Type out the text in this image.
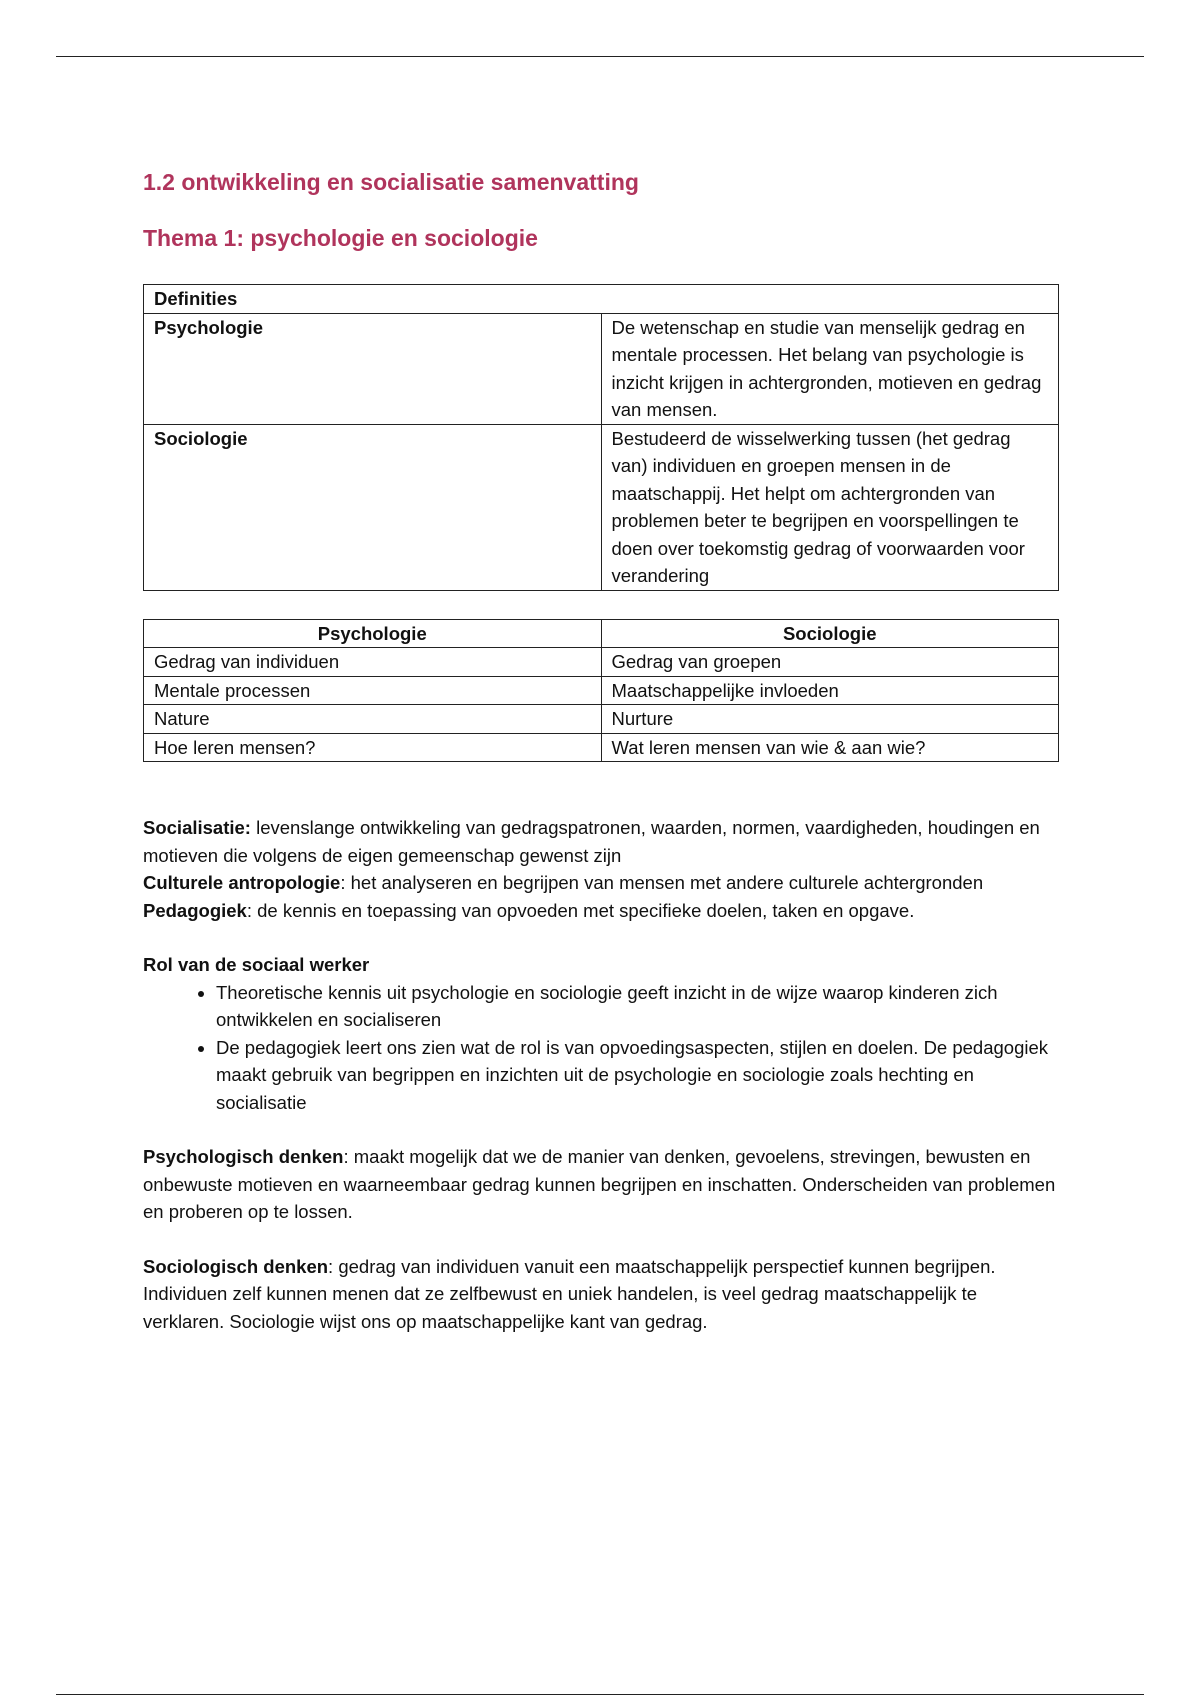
1.2 ontwikkeling en socialisatie samenvatting
Thema 1: psychologie en sociologie
Definities	
Psychologie	De wetenschap en studie van menselijk gedrag en mentale processen. Het belang van psychologie is inzicht krijgen in achtergronden, motieven en gedrag van mensen.
Sociologie	Bestudeerd de wisselwerking tussen (het gedrag van) individuen en groepen mensen in de maatschappij. Het helpt om achtergronden van problemen beter te begrijpen en voorspellingen te doen over toekomstig gedrag of voorwaarden voor verandering
Psychologie	Sociologie
Gedrag van individuen	Gedrag van groepen
Mentale processen	Maatschappelijke invloeden
Nature	Nurture
Hoe leren mensen?	Wat leren mensen van wie & aan wie?

Socialisatie: levenslange ontwikkeling van gedragspatronen, waarden, normen, vaardigheden, houdingen en motieven die volgens de eigen gemeenschap gewenst zijn

Culturele antropologie: het analyseren en begrijpen van mensen met andere culturele achtergronden

Pedagogiek: de kennis en toepassing van opvoeden met specifieke doelen, taken en opgave.

Rol van de sociaal werker

• Theoretische kennis uit psychologie en sociologie geeft inzicht in de wijze waarop kinderen zich ontwikkelen en socialiseren
• De pedagogiek leert ons zien wat de rol is van opvoedingsaspecten, stijlen en doelen. De pedagogiek maakt gebruik van begrippen en inzichten uit de psychologie en sociologie zoals hechting en socialisatie

Psychologisch denken: maakt mogelijk dat we de manier van denken, gevoelens, strevingen, bewusten en onbewuste motieven en waarneembaar gedrag kunnen begrijpen en inschatten. Onderscheiden van problemen en proberen op te lossen.

Sociologisch denken: gedrag van individuen vanuit een maatschappelijk perspectief kunnen begrijpen. Individuen zelf kunnen menen dat ze zelfbewust en uniek handelen, is veel gedrag maatschappelijk te verklaren. Sociologie wijst ons op maatschappelijke kant van gedrag.
